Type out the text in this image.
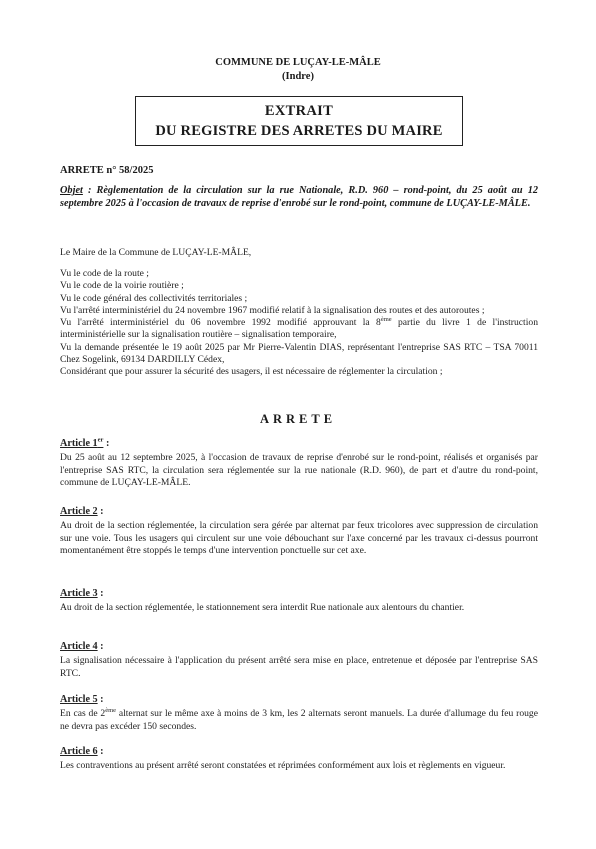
COMMUNE DE LUÇAY-LE-MÂLE
(Indre)
EXTRAIT
DU REGISTRE DES ARRETES DU MAIRE
ARRETE n° 58/2025
Objet : Règlementation de la circulation sur la rue Nationale, R.D. 960 – rond-point, du 25 août au 12 septembre 2025 à l'occasion de travaux de reprise d'enrobé sur le rond-point, commune de LUÇAY-LE-MÂLE.
Le Maire de la Commune de LUÇAY-LE-MÂLE,

Vu le code de la route ;

Vu le code de la voirie routière ;

Vu le code général des collectivités territoriales ;

Vu l'arrêté interministériel du 24 novembre 1967 modifié relatif à la signalisation des routes et des autoroutes ;

Vu l'arrêté interministériel du 06 novembre 1992 modifié approuvant la 8ème partie du livre 1 de l'instruction interministérielle sur la signalisation routière – signalisation temporaire,

Vu la demande présentée le 19 août 2025 par Mr Pierre-Valentin DIAS, représentant l'entreprise SAS RTC – TSA 70011 Chez Sogelink, 69134 DARDILLY Cédex,

Considérant que pour assurer la sécurité des usagers, il est nécessaire de réglementer la circulation ;

ARRETE

Article 1er :

Du 25 août au 12 septembre 2025, à l'occasion de travaux de reprise d'enrobé sur le rond-point, réalisés et organisés par l'entreprise SAS RTC, la circulation sera réglementée sur la rue nationale (R.D. 960), de part et d'autre du rond-point, commune de LUÇAY-LE-MÂLE.

Article 2 :

Au droit de la section réglementée, la circulation sera gérée par alternat par feux tricolores avec suppression de circulation sur une voie. Tous les usagers qui circulent sur une voie débouchant sur l'axe concerné par les travaux ci-dessus pourront momentanément être stoppés le temps d'une intervention ponctuelle sur cet axe.

Article 3 :

Au droit de la section réglementée, le stationnement sera interdit Rue nationale aux alentours du chantier.

Article 4 :

La signalisation nécessaire à l'application du présent arrêté sera mise en place, entretenue et déposée par l'entreprise SAS RTC.

Article 5 :

En cas de 2ème alternat sur le même axe à moins de 3 km, les 2 alternats seront manuels. La durée d'allumage du feu rouge ne devra pas excéder 150 secondes.

Article 6 :

Les contraventions au présent arrêté seront constatées et réprimées conformément aux lois et règlements en vigueur.
